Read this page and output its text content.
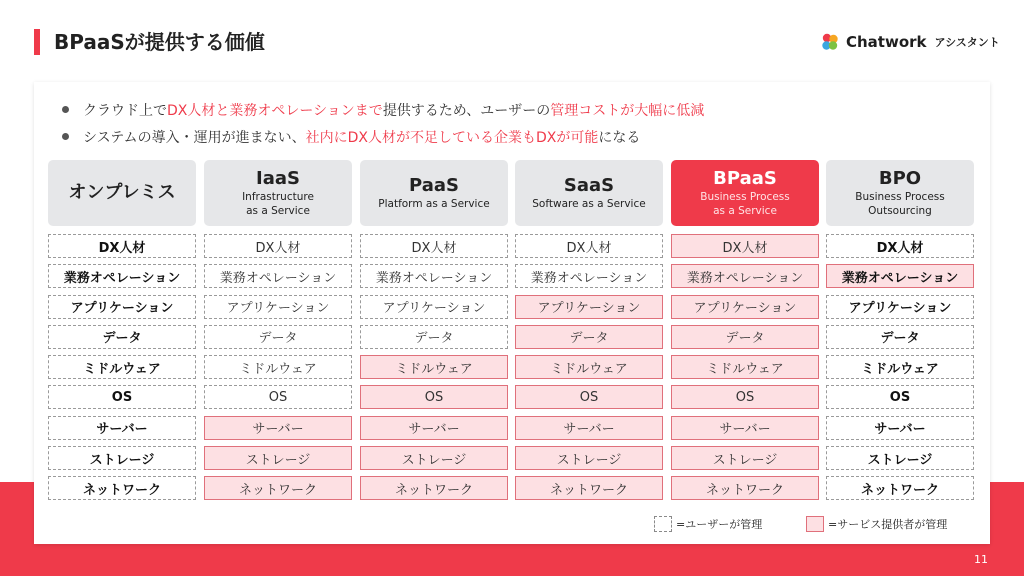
BPaaSが提供する価値	Chatwork アシスタント
クラウド上で DX人材と業務オペレーションまで 提供するため、ユーザーの 管理コストが大幅に低減
システムの導入・運用が進まない、 社内にDX人材が不足している企業もDXが可能 になる
オンプレミス
DX人材
業務オペレーション
アプリケーション
データ
ミドルウェア
OS
サーバー
ストレージ
ネットワーク
IaaS
Infrastructure
as a Service
DX人材
業務オペレーション
アプリケーション
データ
ミドルウェア
OS
サーバー
ストレージ
ネットワーク
PaaS
Platform as a Service
DX人材
業務オペレーション
アプリケーション
データ
ミドルウェア
OS
サーバー
ストレージ
ネットワーク
SaaS
Software as a Service
DX人材
業務オペレーション
アプリケーション
データ
ミドルウェア
OS
サーバー
ストレージ
ネットワーク
BPaaS
Business Process
as a Service
DX人材
業務オペレーション
アプリケーション
データ
ミドルウェア
OS
サーバー
ストレージ
ネットワーク
BPO
Business Process
Outsourcing
DX人材
業務オペレーション
アプリケーション
データ
ミドルウェア
OS
サーバー
ストレージ
ネットワーク
=ユーザーが管理	=サービス提供者が管理
11
